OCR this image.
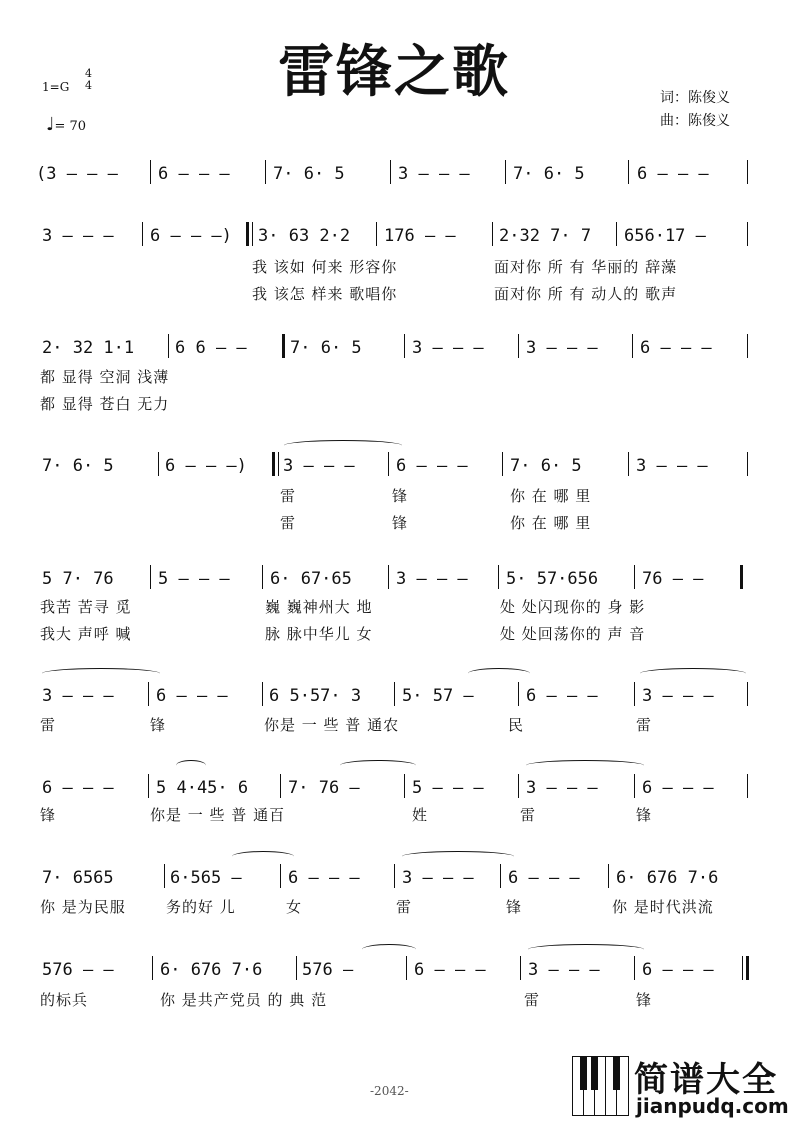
雷锋之歌
1=G
4
4
♩= 70
词：陈俊义
曲：陈俊义
(3 — — — 6 — — —	7· 6· 5	3 — — —	7· 6· 5	6 — — —
3 — — — 6 — — —) 3· 63 2·2 176 — —	2·32 7· 7 656·17 —
我 该如 何来 形容你	面对你 所 有 华丽的 辞藻
我 该怎 样来 歌唱你	面对你 所 有 动人的 歌声
2· 32 1·1 6 6 — —	7· 6· 5	3 — — — 3 — — — 6 — — —
都 显得 空洞 浅薄
都 显得 苍白 无力
7· 6· 5	6 — — —) 3 — — — 6 — — — 7· 6· 5	3 — — —
雷	锋	你 在 哪 里
雷	锋	你 在 哪 里
5 7· 76	5 — — — 6· 67·65	3 — — — 5· 57·656	76 — —
我苦 苦寻 觅	巍 巍神州大 地	处 处闪现你的 身 影
我大 声呼 喊	脉 脉中华儿 女	处 处回荡你的 声 音
3 — — — 6 — — — 6 5·57· 3 5· 57 —	6 — — —	3 — — —
雷	锋	你是 一 些 普 通农	民	雷
6 — — — 5 4·45· 6 7· 76 —	5 — — — 3 — — —	6 — — —
锋	你是 一 些 普 通百	姓	雷	锋
7· 6565	6·565 —	6 — — — 3 — — — 6 — — — 6· 676 7·6
你 是为民服	务的好 儿	女	雷	锋	你 是时代洪流
576 — —	6· 676 7·6 576 —	6 — — — 3 — — — 6 — — —
的标兵	你 是共产党员 的 典 范	雷	锋
-2042-	简谱大全
jianpudq.com
